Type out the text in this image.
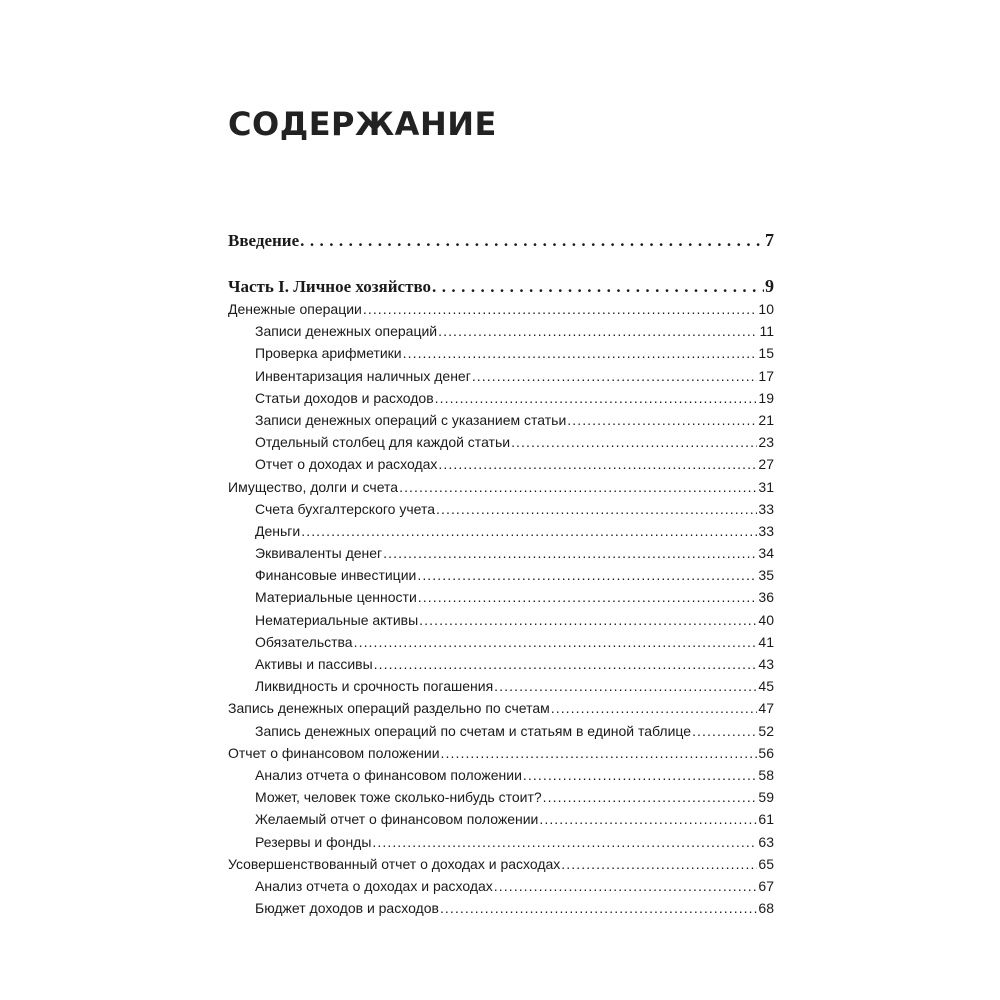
СОДЕРЖАНИЕ
Введение . . .	7
Часть I. Личное хозяйство . . .	9
Денежные операции . . .	10
Записи денежных операций . . .	11
Проверка арифметики . . .	15
Инвентаризация наличных денег . . .	17
Статьи доходов и расходов . . .	19
Записи денежных операций с указанием статьи . . .	21
Отдельный столбец для каждой статьи . . .	23
Отчет о доходах и расходах . . .	27
Имущество, долги и счета . . .	31
Счета бухгалтерского учета . . .	33
Деньги . . .	33
Эквиваленты денег . . .	34
Финансовые инвестиции . . .	35
Материальные ценности . . .	36
Нематериальные активы . . .	40
Обязательства . . .	41
Активы и пассивы . . .	43
Ликвидность и срочность погашения . . .	45
Запись денежных операций раздельно по счетам . . .	47
Запись денежных операций по счетам и статьям в единой таблице . . .	52
Отчет о финансовом положении . . .	56
Анализ отчета о финансовом положении . . .	58
Может, человек тоже сколько-нибудь стоит? . . .	59
Желаемый отчет о финансовом положении . . .	61
Резервы и фонды . . .	63
Усовершенствованный отчет о доходах и расходах . . .	65
Анализ отчета о доходах и расходах . . .	67
Бюджет доходов и расходов . . .	68
